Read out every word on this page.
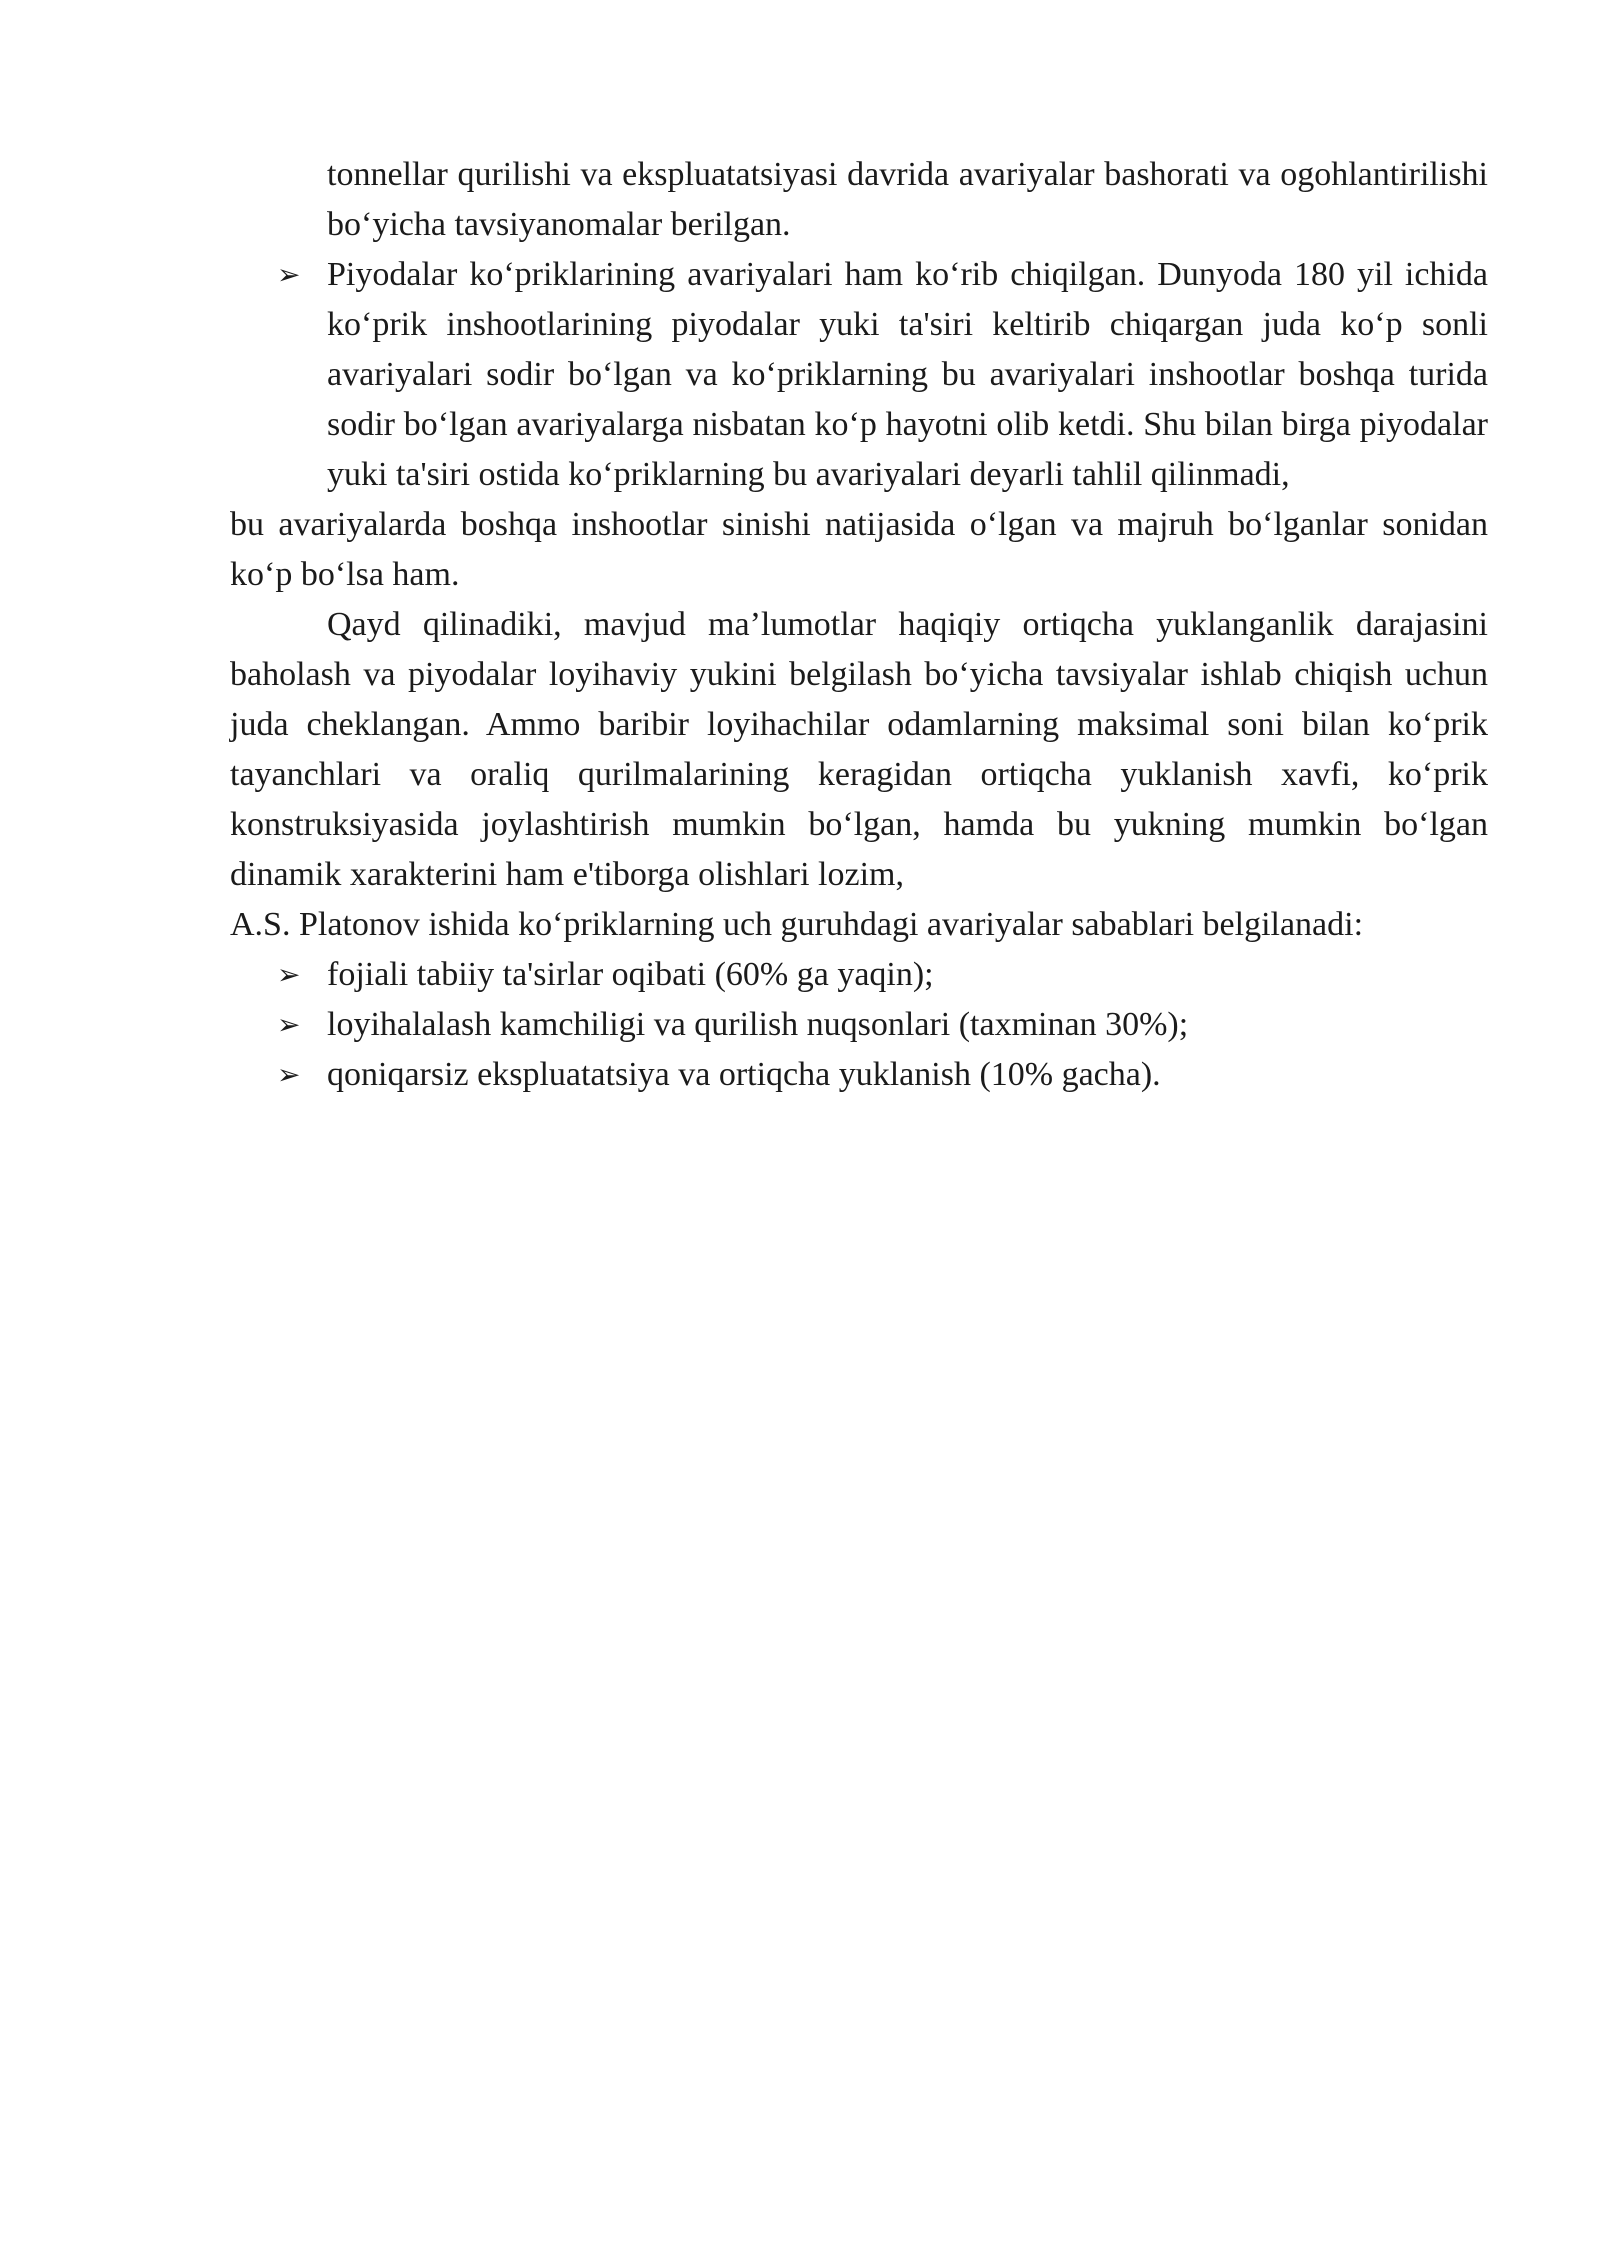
tonnellar qurilishi va ekspluatatsiyasi davrida avariyalar bashorati va ogohlantirilishi bo‘yicha tavsiyanomalar berilgan.

➢ Piyodalar ko‘priklarining avariyalari ham ko‘rib chiqilgan. Dunyoda 180 yil ichida ko‘prik inshootlarining piyodalar yuki ta'siri keltirib chiqargan juda ko‘p sonli avariyalari sodir bo‘lgan va ko‘priklarning bu avariyalari inshootlar boshqa turida sodir bo‘lgan avariyalarga nisbatan ko‘p hayotni olib ketdi. Shu bilan birga piyodalar yuki ta'siri ostida ko‘priklarning bu avariyalari deyarli tahlil qilinmadi,

bu avariyalarda boshqa inshootlar sinishi natijasida o‘lgan va majruh bo‘lganlar sonidan ko‘p bo‘lsa ham.

Qayd qilinadiki, mavjud ma’lumotlar haqiqiy ortiqcha yuklanganlik darajasini baholash va piyodalar loyihaviy yukini belgilash bo‘yicha tavsiyalar ishlab chiqish uchun juda cheklangan. Ammo baribir loyihachilar odamlarning maksimal soni bilan ko‘prik tayanchlari va oraliq qurilmalarining keragidan ortiqcha yuklanish xavfi, ko‘prik konstruksiyasida joylashtirish mumkin bo‘lgan, hamda bu yukning mumkin bo‘lgan dinamik xarakterini ham e'tiborga olishlari lozim,

A.S. Platonov ishida ko‘priklarning uch guruhdagi avariyalar sabablari belgilanadi:

➢ fojiali tabiiy ta'sirlar oqibati (60% ga yaqin);

➢ loyihalalash kamchiligi va qurilish nuqsonlari (taxminan 30%);

➢ qoniqarsiz ekspluatatsiya va ortiqcha yuklanish (10% gacha).
